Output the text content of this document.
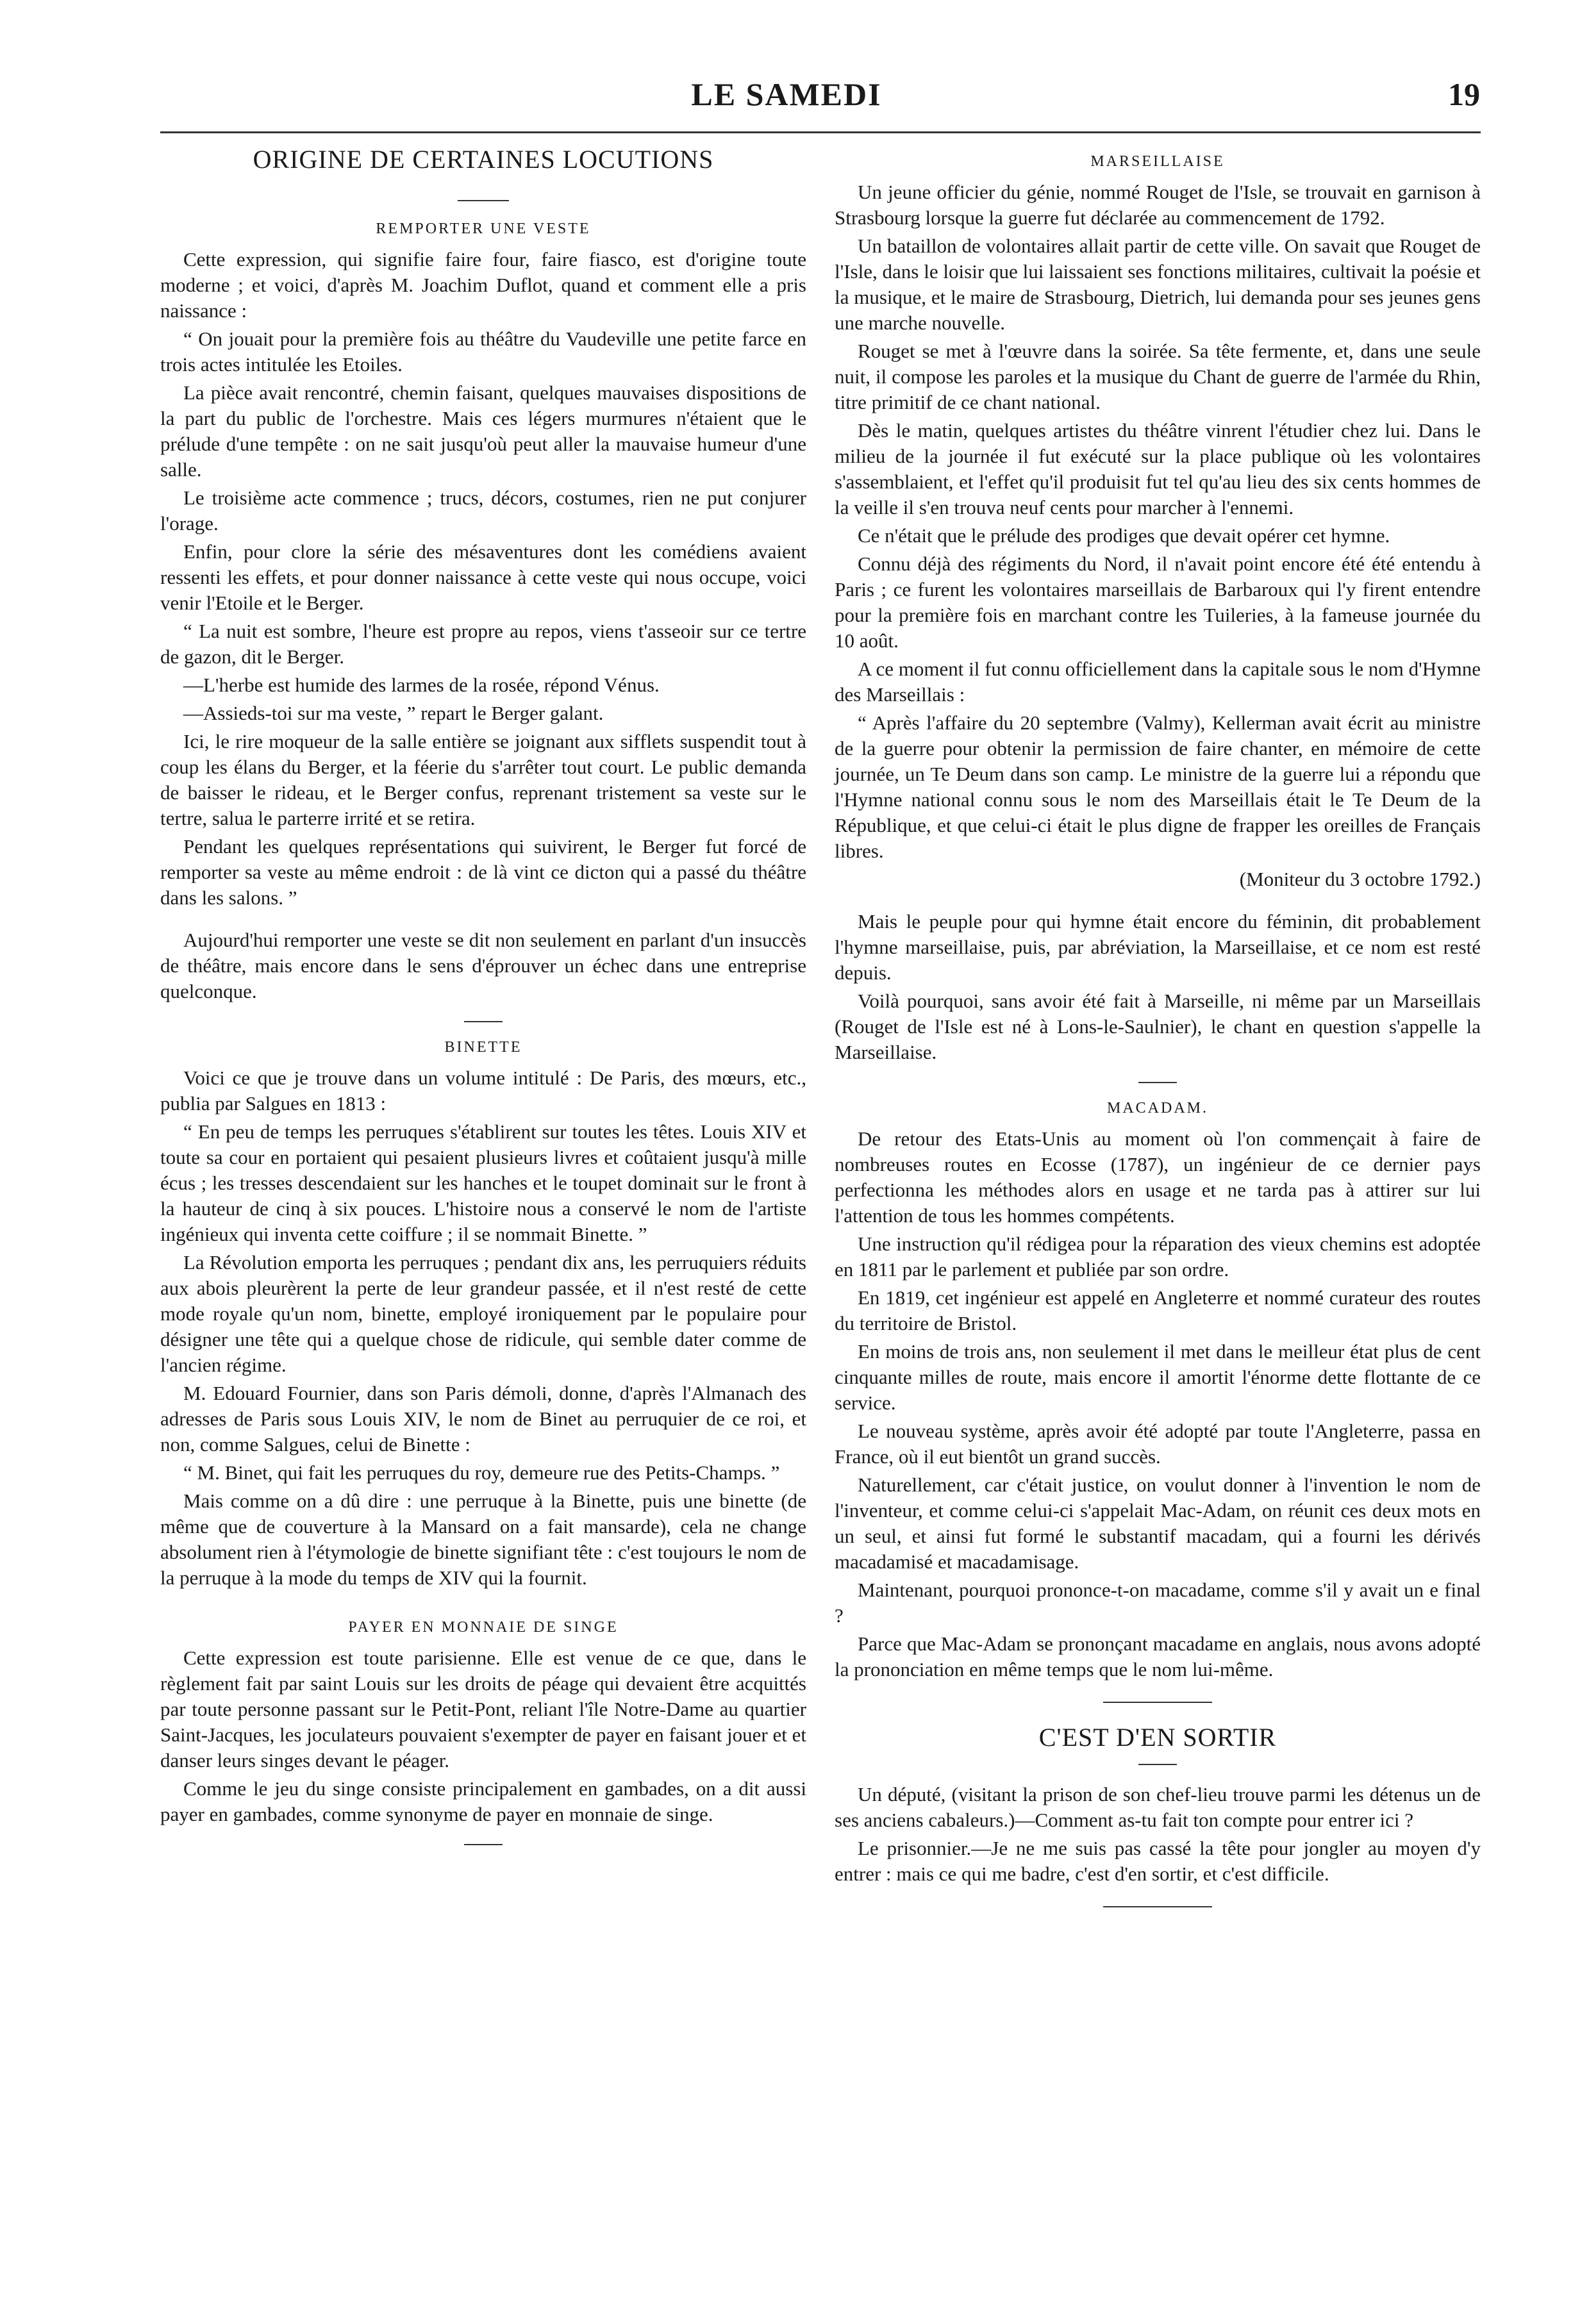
LE SAMEDI	19
ORIGINE DE CERTAINES LOCUTIONS
REMPORTER UNE VESTE

Cette expression, qui signifie faire four, faire fiasco, est d'origine toute moderne ; et voici, d'après M. Joachim Duflot, quand et comment elle a pris naissance :

“ On jouait pour la première fois au théâtre du Vaudeville une petite farce en trois actes intitulée les Etoiles.

La pièce avait rencontré, chemin faisant, quelques mauvaises dispositions de la part du public de l'orchestre. Mais ces légers murmures n'étaient que le prélude d'une tempête : on ne sait jusqu'où peut aller la mauvaise humeur d'une salle.

Le troisième acte commence ; trucs, décors, costumes, rien ne put conjurer l'orage.

Enfin, pour clore la série des mésaventures dont les comédiens avaient ressenti les effets, et pour donner naissance à cette veste qui nous occupe, voici venir l'Etoile et le Berger.

“ La nuit est sombre, l'heure est propre au repos, viens t'asseoir sur ce tertre de gazon, dit le Berger.

—L'herbe est humide des larmes de la rosée, répond Vénus.

—Assieds-toi sur ma veste, ” repart le Berger galant.

Ici, le rire moqueur de la salle entière se joignant aux sifflets suspendit tout à coup les élans du Berger, et la féerie du s'arrêter tout court. Le public demanda de baisser le rideau, et le Berger confus, reprenant tristement sa veste sur le tertre, salua le parterre irrité et se retira.

Pendant les quelques représentations qui suivirent, le Berger fut forcé de remporter sa veste au même endroit : de là vint ce dicton qui a passé du théâtre dans les salons. ”

Aujourd'hui remporter une veste se dit non seulement en parlant d'un insuccès de théâtre, mais encore dans le sens d'éprouver un échec dans une entreprise quelconque.

BINETTE

Voici ce que je trouve dans un volume intitulé : De Paris, des mœurs, etc., publia par Salgues en 1813 :

“ En peu de temps les perruques s'établirent sur toutes les têtes. Louis XIV et toute sa cour en portaient qui pesaient plusieurs livres et coûtaient jusqu'à mille écus ; les tresses descendaient sur les hanches et le toupet dominait sur le front à la hauteur de cinq à six pouces. L'histoire nous a conservé le nom de l'artiste ingénieux qui inventa cette coiffure ; il se nommait Binette. ”

La Révolution emporta les perruques ; pendant dix ans, les perruquiers réduits aux abois pleurèrent la perte de leur grandeur passée, et il n'est resté de cette mode royale qu'un nom, binette, employé ironiquement par le populaire pour désigner une tête qui a quelque chose de ridicule, qui semble dater comme de l'ancien régime.

M. Edouard Fournier, dans son Paris démoli, donne, d'après l'Almanach des adresses de Paris sous Louis XIV, le nom de Binet au perruquier de ce roi, et non, comme Salgues, celui de Binette :

“ M. Binet, qui fait les perruques du roy, demeure rue des Petits-Champs. ”

Mais comme on a dû dire : une perruque à la Binette, puis une binette (de même que de couverture à la Mansard on a fait mansarde), cela ne change absolument rien à l'étymologie de binette signifiant tête : c'est toujours le nom de la perruque à la mode du temps de XIV qui la fournit.

PAYER EN MONNAIE DE SINGE

Cette expression est toute parisienne. Elle est venue de ce que, dans le règlement fait par saint Louis sur les droits de péage qui devaient être acquittés par toute personne passant sur le Petit-Pont, reliant l'île Notre-Dame au quartier Saint-Jacques, les joculateurs pouvaient s'exempter de payer en faisant jouer et et danser leurs singes devant le péager.

Comme le jeu du singe consiste principalement en gambades, on a dit aussi payer en gambades, comme synonyme de payer en monnaie de singe.

MARSEILLAISE

Un jeune officier du génie, nommé Rouget de l'Isle, se trouvait en garnison à Strasbourg lorsque la guerre fut déclarée au commencement de 1792.

Un bataillon de volontaires allait partir de cette ville. On savait que Rouget de l'Isle, dans le loisir que lui laissaient ses fonctions militaires, cultivait la poésie et la musique, et le maire de Strasbourg, Dietrich, lui demanda pour ses jeunes gens une marche nouvelle.

Rouget se met à l'œuvre dans la soirée. Sa tête fermente, et, dans une seule nuit, il compose les paroles et la musique du Chant de guerre de l'armée du Rhin, titre primitif de ce chant national.

Dès le matin, quelques artistes du théâtre vinrent l'étudier chez lui. Dans le milieu de la journée il fut exécuté sur la place publique où les volontaires s'assemblaient, et l'effet qu'il produisit fut tel qu'au lieu des six cents hommes de la veille il s'en trouva neuf cents pour marcher à l'ennemi.

Ce n'était que le prélude des prodiges que devait opérer cet hymne.

Connu déjà des régiments du Nord, il n'avait point encore été été entendu à Paris ; ce furent les volontaires marseillais de Barbaroux qui l'y firent entendre pour la première fois en marchant contre les Tuileries, à la fameuse journée du 10 août.

A ce moment il fut connu officiellement dans la capitale sous le nom d'Hymne des Marseillais :

“ Après l'affaire du 20 septembre (Valmy), Kellerman avait écrit au ministre de la guerre pour obtenir la permission de faire chanter, en mémoire de cette journée, un Te Deum dans son camp. Le ministre de la guerre lui a répondu que l'Hymne national connu sous le nom des Marseillais était le Te Deum de la République, et que celui-ci était le plus digne de frapper les oreilles de Français libres.

(Moniteur du 3 octobre 1792.)

Mais le peuple pour qui hymne était encore du féminin, dit probablement l'hymne marseillaise, puis, par abréviation, la Marseillaise, et ce nom est resté depuis.

Voilà pourquoi, sans avoir été fait à Marseille, ni même par un Marseillais (Rouget de l'Isle est né à Lons-le-Saulnier), le chant en question s'appelle la Marseillaise.

MACADAM.

De retour des Etats-Unis au moment où l'on commençait à faire de nombreuses routes en Ecosse (1787), un ingénieur de ce dernier pays perfectionna les méthodes alors en usage et ne tarda pas à attirer sur lui l'attention de tous les hommes compétents.

Une instruction qu'il rédigea pour la réparation des vieux chemins est adoptée en 1811 par le parlement et publiée par son ordre.

En 1819, cet ingénieur est appelé en Angleterre et nommé curateur des routes du territoire de Bristol.

En moins de trois ans, non seulement il met dans le meilleur état plus de cent cinquante milles de route, mais encore il amortit l'énorme dette flottante de ce service.

Le nouveau système, après avoir été adopté par toute l'Angleterre, passa en France, où il eut bientôt un grand succès.

Naturellement, car c'était justice, on voulut donner à l'invention le nom de l'inventeur, et comme celui-ci s'appelait Mac-Adam, on réunit ces deux mots en un seul, et ainsi fut formé le substantif macadam, qui a fourni les dérivés macadamisé et macadamisage.

Maintenant, pourquoi prononce-t-on macadame, comme s'il y avait un e final ?

Parce que Mac-Adam se prononçant macadame en anglais, nous avons adopté la prononciation en même temps que le nom lui-même.

C'EST D'EN SORTIR

Un député, (visitant la prison de son chef-lieu trouve parmi les détenus un de ses anciens cabaleurs.)—Comment as-tu fait ton compte pour entrer ici ?

Le prisonnier.—Je ne me suis pas cassé la tête pour jongler au moyen d'y entrer : mais ce qui me badre, c'est d'en sortir, et c'est difficile.
